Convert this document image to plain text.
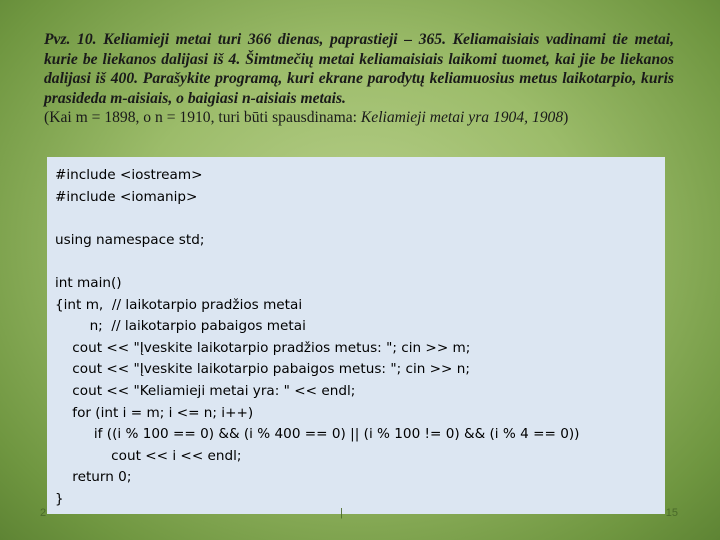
Pvz. 10. Keliamieji metai turi 366 dienas, paprastieji – 365. Keliamaisiais vadinami tie metai, kurie be liekanos dalijasi iš 4. Šimtmečių metai keliamaisiais laikomi tuomet, kai jie be liekanos dalijasi iš 400. Parašykite programą, kuri ekrane parodytų keliamuosius metus laikotarpio, kuris prasideda m-aisiais, o baigiasi n-aisiais metais.
(Kai m = 1898, o n = 1910, turi būti spausdinama: Keliamieji metai yra 1904, 1908)
#include <iostream>
#include <iomanip>

using namespace std;

int main()
{int m,  // laikotarpio pradžios metai
n;  // laikotarpio pabaigos metai
cout << "Įveskite laikotarpio pradžios metus: "; cin >> m;
cout << "Įveskite laikotarpio pabaigos metus: "; cin >> n;
cout << "Keliamieji metai yra: " << endl;
for (int i = m; i <= n; i++)
if ((i % 100 == 0) && (i % 400 == 0) || (i % 100 != 0) && (i % 4 == 0))
cout << i << endl;
return 0;
}
2	|	15
